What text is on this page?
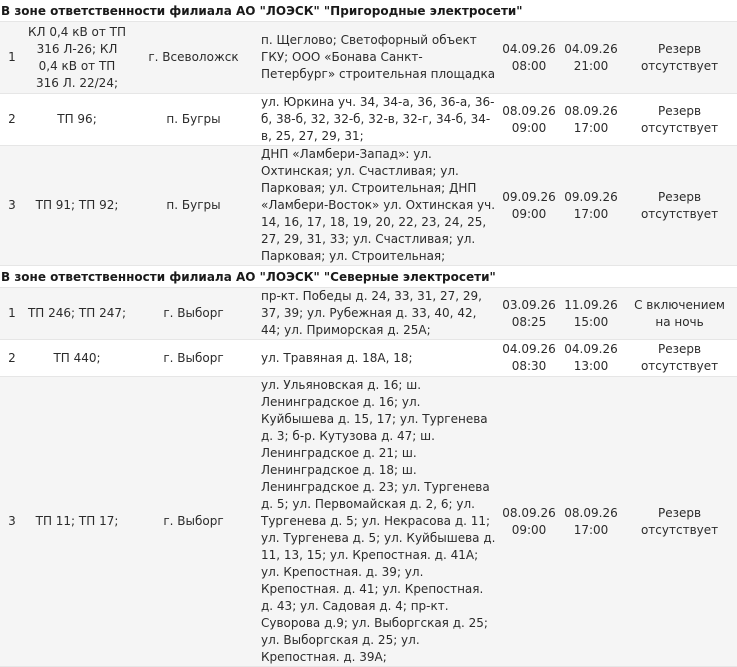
В зоне ответственности филиала АО "ЛОЭСК" "Пригородные электросети"						
1	КЛ 0,4 кВ от ТП 316 Л-26; КЛ 0,4 кВ от ТП 316 Л. 22/24;	г. Всеволожск	п. Щеглово; Светофорный объект ГКУ; ООО «Бонава Санкт-Петербург» строительная площадка	04.09.26 08:00	04.09.26 21:00	Резерв отсутствует
2	ТП 96;	п. Бугры	ул. Юркина уч. 34, 34-а, 36, 36-а, 36-б, 38-б, 32, 32-б, 32-в, 32-г, 34-б, 34-в, 25, 27, 29, 31;	08.09.26 09:00	08.09.26 17:00	Резерв отсутствует
3	ТП 91; ТП 92;	п. Бугры	ДНП «Ламбери-Запад»: ул. Охтинская; ул. Счастливая; ул. Парковая; ул. Строительная; ДНП «Ламбери-Восток» ул. Охтинская уч. 14, 16, 17, 18, 19, 20, 22, 23, 24, 25, 27, 29, 31, 33; ул. Счастливая; ул. Парковая; ул. Строительная;	09.09.26 09:00	09.09.26 17:00	Резерв отсутствует
В зоне ответственности филиала АО "ЛОЭСК" "Северные электросети"						
1	ТП 246; ТП 247;	г. Выборг	пр-кт. Победы д. 24, 33, 31, 27, 29, 37, 39; ул. Рубежная д. 33, 40, 42, 44; ул. Приморская д. 25А;	03.09.26 08:25	11.09.26 15:00	С включением на ночь
2	ТП 440;	г. Выборг	ул. Травяная д. 18А, 18;	04.09.26 08:30	04.09.26 13:00	Резерв отсутствует
3	ТП 11; ТП 17;	г. Выборг	ул. Ульяновская д. 16; ш. Ленинградское д. 16; ул. Куйбышева д. 15, 17; ул. Тургенева д. 3; б-р. Кутузова д. 47; ш. Ленинградское д. 21; ш. Ленинградское д. 18; ш. Ленинградское д. 23; ул. Тургенева д. 5; ул. Первомайская д. 2, 6; ул. Тургенева д. 5; ул. Некрасова д. 11; ул. Тургенева д. 5; ул. Куйбышева д. 11, 13, 15; ул. Крепостная. д. 41А; ул. Крепостная. д. 39; ул. Крепостная. д. 41; ул. Крепостная. д. 43; ул. Садовая д. 4; пр-кт. Суворова д.9; ул. Выборгская д. 25; ул. Выборгская д. 25; ул. Крепостная. д. 39А;	08.09.26 09:00	08.09.26 17:00	Резерв отсутствует
